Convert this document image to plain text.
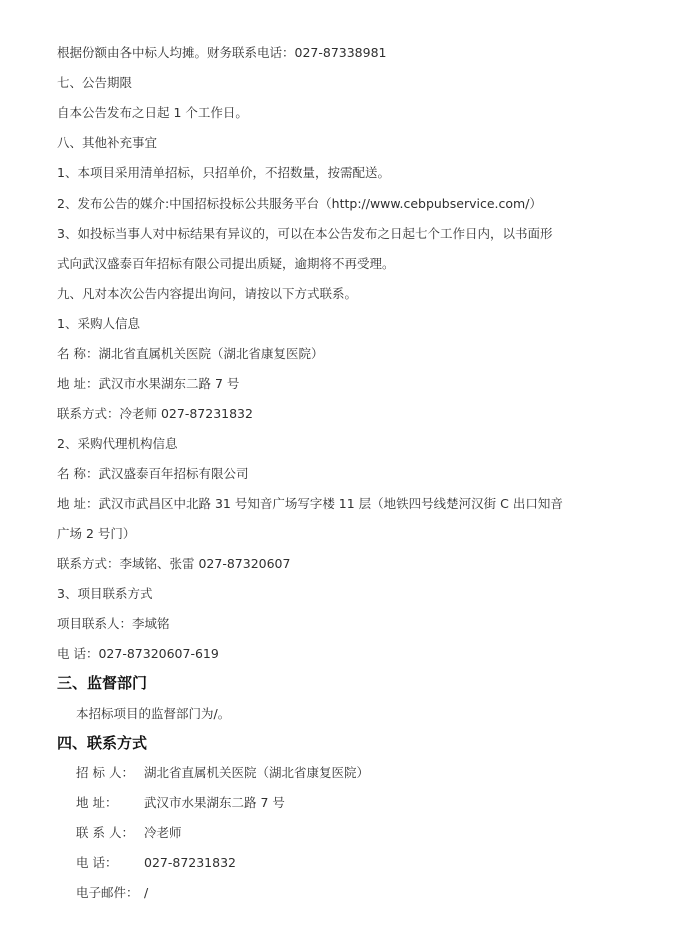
根据份额由各中标人均摊。财务联系电话：027-87338981
七、公告期限
自本公告发布之日起 1 个工作日。
八、其他补充事宜
1、本项目采用清单招标，只招单价，不招数量，按需配送。
2、发布公告的媒介:中国招标投标公共服务平台（http://www.cebpubservice.com/）
3、如投标当事人对中标结果有异议的，可以在本公告发布之日起七个工作日内，以书面形
式向武汉盛泰百年招标有限公司提出质疑，逾期将不再受理。
九、凡对本次公告内容提出询问，请按以下方式联系。
1、采购人信息
名 称：湖北省直属机关医院（湖北省康复医院）
地 址：武汉市水果湖东二路 7 号
联系方式：冷老师 027-87231832
2、采购代理机构信息
名 称：武汉盛泰百年招标有限公司
地 址：武汉市武昌区中北路 31 号知音广场写字楼 11 层（地铁四号线楚河汉街 C 出口知音
广场 2 号门）
联系方式：李域铭、张雷 027-87320607
3、项目联系方式
项目联系人：李域铭
电 话：027-87320607-619
三、监督部门
本招标项目的监督部门为/。
四、联系方式
招 标 人： 湖北省直属机关医院（湖北省康复医院）
地 址： 武汉市水果湖东二路 7 号
联 系 人： 冷老师
电 话： 027-87231832
电子邮件： /
